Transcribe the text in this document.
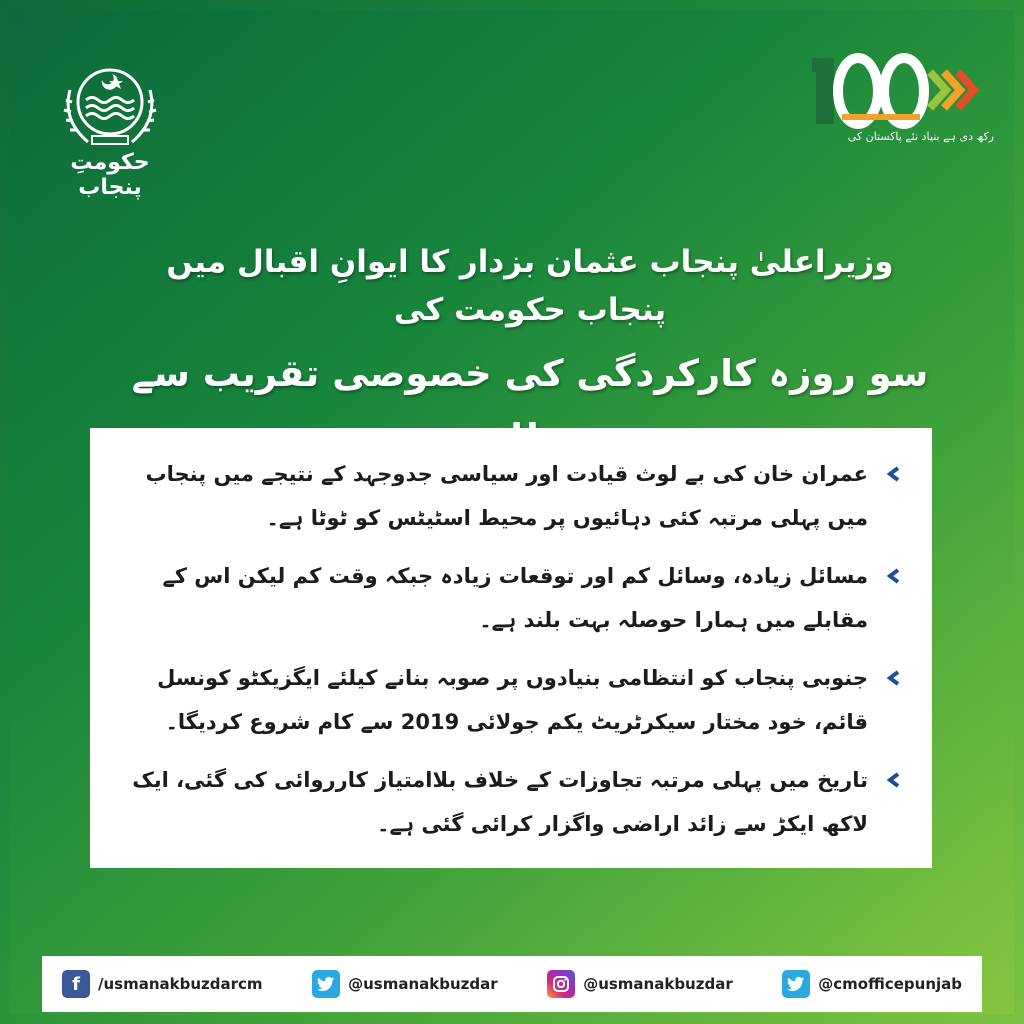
حکومتِ پنجاب
رکھ دی ہے بنیاد نئے پاکستان کی
وزیراعلیٰ پنجاب عثمان بزدار کا ایوانِ اقبال میں پنجاب حکومت کی
سو روزہ کارکردگی کی خصوصی تقریب سے
عمران خان کی بے لوث قیادت اور سیاسی جدوجہد کے نتیجے میں پنجاب میں پہلی مرتبہ کئی دہائیوں پر محیط اسٹیٹس کو ٹوٹا ہے۔
مسائل زیادہ، وسائل کم اور توقعات زیادہ جبکہ وقت کم لیکن اس کے مقابلے میں ہمارا حوصلہ بہت بلند ہے۔
جنوبی پنجاب کو انتظامی بنیادوں پر صوبہ بنانے کیلئے ایگزیکٹو کونسل قائم، خود مختار سیکرٹریٹ یکم جولائی 2019 سے کام شروع کردیگا۔
تاریخ میں پہلی مرتبہ تجاوزات کے خلاف بلاامتیاز کارروائی کی گئی، ایک لاکھ ایکڑ سے زائد اراضی واگزار کرائی گئی ہے۔
f	/usmanakbuzdarcm	@usmanakbuzdar	@usmanakbuzdar	@cmofficepunjab
